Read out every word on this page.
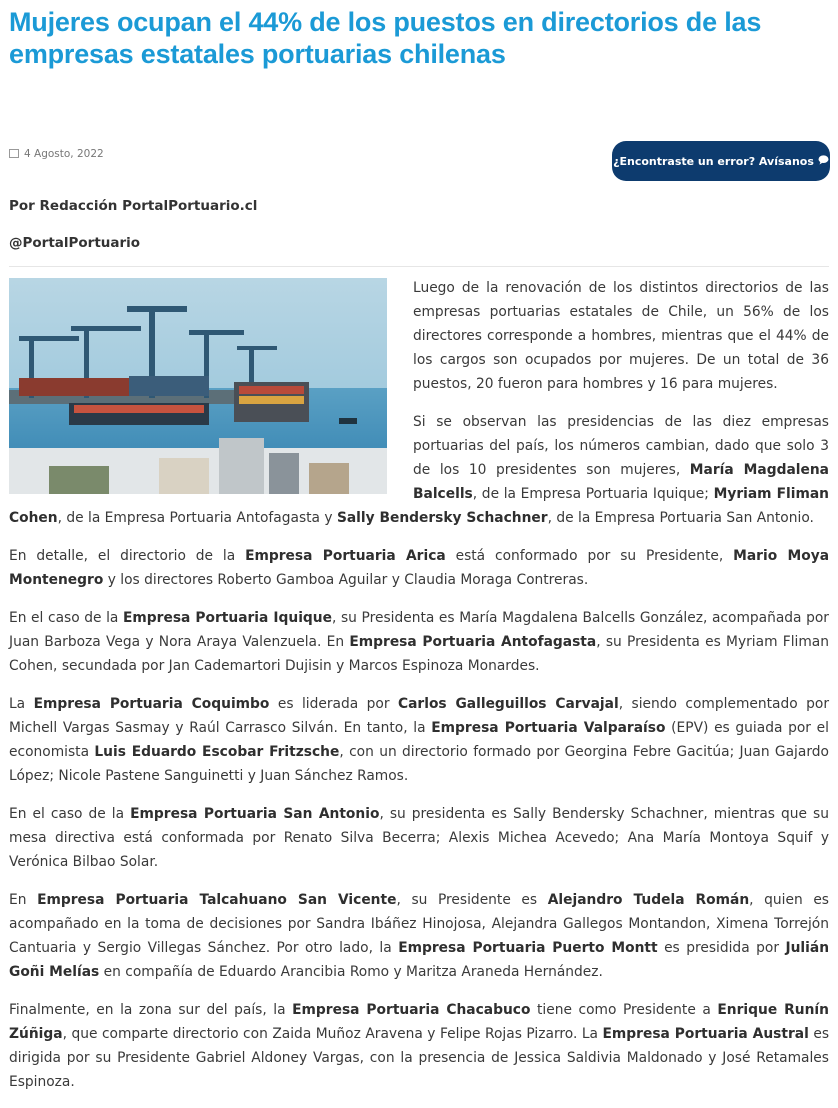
Mujeres ocupan el 44% de los puestos en directorios de las empresas estatales portuarias chilenas
4 Agosto, 2022
¿Encontraste un error? Avísanos
Por Redacción PortalPortuario.cl
@PortalPortuario

Luego de la renovación de los distintos directorios de las empresas portuarias estatales de Chile, un 56% de los directores corresponde a hombres, mientras que el 44% de los cargos son ocupados por mujeres. De un total de 36 puestos, 20 fueron para hombres y 16 para mujeres.

Si se observan las presidencias de las diez empresas portuarias del país, los números cambian, dado que solo 3 de los 10 presidentes son mujeres, María Magdalena Balcells, de la Empresa Portuaria Iquique; Myriam Fliman Cohen, de la Empresa Portuaria Antofagasta y Sally Bendersky Schachner, de la Empresa Portuaria San Antonio.

En detalle, el directorio de la Empresa Portuaria Arica está conformado por su Presidente, Mario Moya Montenegro y los directores Roberto Gamboa Aguilar y Claudia Moraga Contreras.

En el caso de la Empresa Portuaria Iquique, su Presidenta es María Magdalena Balcells González, acompañada por Juan Barboza Vega y Nora Araya Valenzuela. En Empresa Portuaria Antofagasta, su Presidenta es Myriam Fliman Cohen, secundada por Jan Cademartori Dujisin y Marcos Espinoza Monardes.

La Empresa Portuaria Coquimbo es liderada por Carlos Galleguillos Carvajal, siendo complementado por Michell Vargas Sasmay y Raúl Carrasco Silván. En tanto, la Empresa Portuaria Valparaíso (EPV) es guiada por el economista Luis Eduardo Escobar Fritzsche, con un directorio formado por Georgina Febre Gacitúa; Juan Gajardo López; Nicole Pastene Sanguinetti y Juan Sánchez Ramos.

En el caso de la Empresa Portuaria San Antonio, su presidenta es Sally Bendersky Schachner, mientras que su mesa directiva está conformada por Renato Silva Becerra; Alexis Michea Acevedo; Ana María Montoya Squif y Verónica Bilbao Solar.

En Empresa Portuaria Talcahuano San Vicente, su Presidente es Alejandro Tudela Román, quien es acompañado en la toma de decisiones por Sandra Ibáñez Hinojosa, Alejandra Gallegos Montandon, Ximena Torrejón Cantuaria y Sergio Villegas Sánchez. Por otro lado, la Empresa Portuaria Puerto Montt es presidida por Julián Goñi Melías en compañía de Eduardo Arancibia Romo y Maritza Araneda Hernández.

Finalmente, en la zona sur del país, la Empresa Portuaria Chacabuco tiene como Presidente a Enrique Runín Zúñiga, que comparte directorio con Zaida Muñoz Aravena y Felipe Rojas Pizarro. La Empresa Portuaria Austral es dirigida por su Presidente Gabriel Aldoney Vargas, con la presencia de Jessica Saldivia Maldonado y José Retamales Espinoza.
